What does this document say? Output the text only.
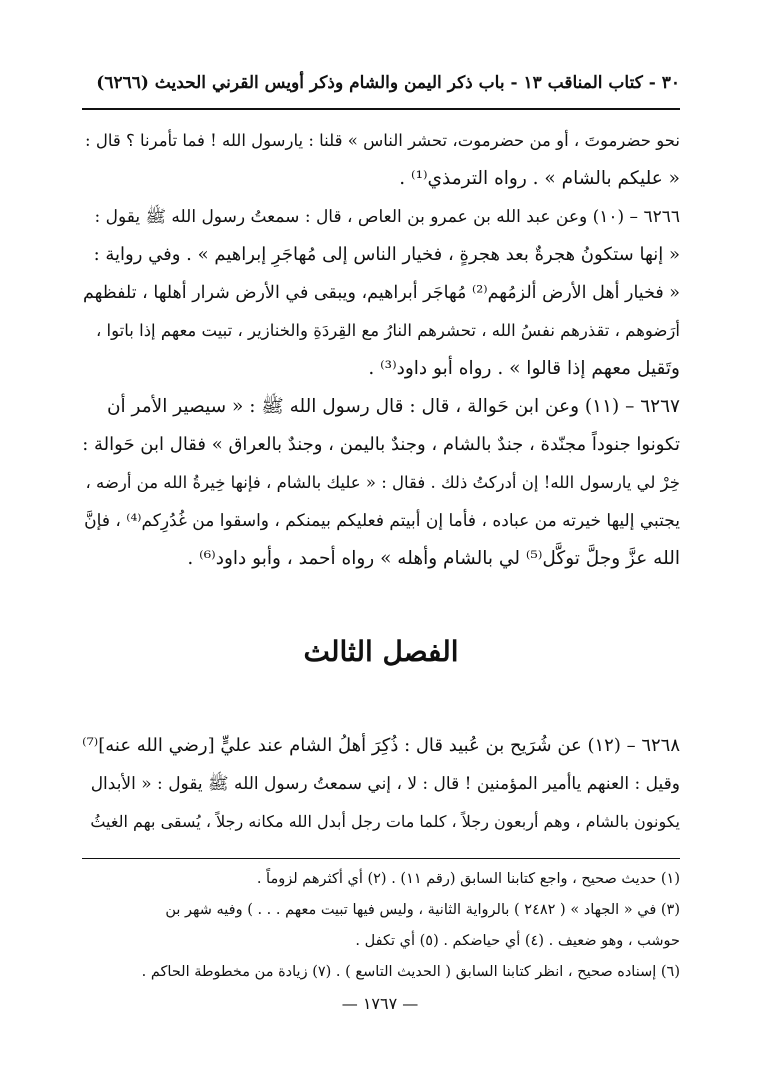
٣٠ - كتاب المناقب ١٣ - باب ذكر اليمن والشام وذكر أويس القرني الحديث (٦٢٦٦)
نحو حضرموتَ ، أو من حضرموت، تحشر الناس » قلنا : يارسول الله ! فما تأمرنا ؟ قال :
« عليكم بالشام » . رواه الترمذي⁽¹⁾ .
٦٢٦٦ – (١٠) وعن عبد الله بن عمرو بن العاص ، قال : سمعتُ رسول الله ﷺ يقول :
« إنها ستكونُ هجرةٌ بعد هجرةٍ ، فخيار الناس إلى مُهاجَرِ إبراهيم » . وفي رواية :
« فخيار أهل الأرض ألزمُهم⁽²⁾ مُهاجَر أبراهيم، ويبقى في الأرض شرار أهلها ، تلفظهم
أرَضوهم ، تقذرهم نفسُ الله ، تحشرهم النارُ مع القِردَةِ والخنازير ، تبيت معهم إذا باتوا ،
وتَقيل معهم إذا قالوا » . رواه أبو داود⁽³⁾ .
٦٢٦٧ – (١١) وعن ابن حَوالة ، قال : قال رسول الله ﷺ : « سيصير الأمر أن
تكونوا جنوداً مجنّدة ، جندٌ بالشام ، وجندٌ باليمن ، وجندٌ بالعراق » فقال ابن حَوالة :
خِرْ لي يارسول الله! إن أدركتُ ذلك . فقال : « عليك بالشام ، فإنها خِيرةُ الله من أرضه ،
يجتبي إليها خيرته من عباده ، فأما إن أبيتم فعليكم بيمنكم ، واسقوا من غُدُرِكم⁽⁴⁾ ، فإنَّ
الله عزَّ وجلَّ توكَّل⁽⁵⁾ لي بالشام وأهله » رواه أحمد ، وأبو داود⁽⁶⁾ .
الفصل الثالث
٦٢٦٨ – (١٢) عن شُرَيح بن عُبيد قال : ذُكِرَ أهلُ الشام عند عليٍّ [رضي الله عنه]⁽⁷⁾
وقيل : العنهم ياأمير المؤمنين ! قال : لا ، إني سمعتُ رسول الله ﷺ يقول : « الأبدال
يكونون بالشام ، وهم أربعون رجلاً ، كلما مات رجل أبدل الله مكانه رجلاً ، يُسقى بهم الغيثُ
(١) حديث صحيح ، واجع كتابنا السابق (رقم ١١) . (٢) أي أكثرهم لزوماً .
(٣) في « الجهاد » ( ٢٤٨٢ ) بالرواية الثانية ، وليس فيها تبيت معهم . . . ) وفيه شهر بن
حوشب ، وهو ضعيف . (٤) أي حياضكم . (٥) أي تكفل .
(٦) إسناده صحيح ، انظر كتابنا السابق ( الحديث التاسع ) . (٧) زيادة من مخطوطة الحاكم .
— ١٧٦٧ —
